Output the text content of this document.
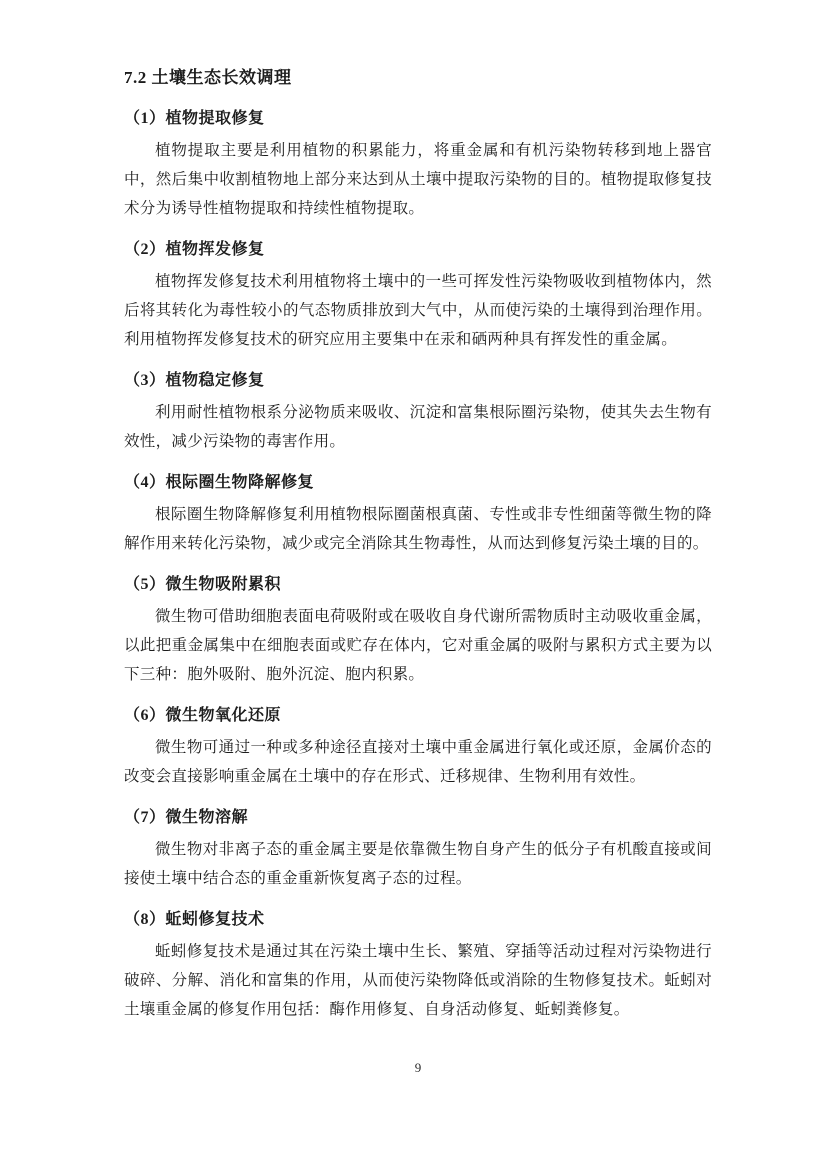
7.2 土壤生态长效调理
（1）植物提取修复

植物提取主要是利用植物的积累能力，将重金属和有机污染物转移到地上器官中，然后集中收割植物地上部分来达到从土壤中提取污染物的目的。植物提取修复技术分为诱导性植物提取和持续性植物提取。

（2）植物挥发修复

植物挥发修复技术利用植物将土壤中的一些可挥发性污染物吸收到植物体内，然后将其转化为毒性较小的气态物质排放到大气中，从而使污染的土壤得到治理作用。利用植物挥发修复技术的研究应用主要集中在汞和硒两种具有挥发性的重金属。

（3）植物稳定修复

利用耐性植物根系分泌物质来吸收、沉淀和富集根际圈污染物，使其失去生物有效性，减少污染物的毒害作用。

（4）根际圈生物降解修复

根际圈生物降解修复利用植物根际圈菌根真菌、专性或非专性细菌等微生物的降解作用来转化污染物，减少或完全消除其生物毒性，从而达到修复污染土壤的目的。

（5）微生物吸附累积

微生物可借助细胞表面电荷吸附或在吸收自身代谢所需物质时主动吸收重金属，以此把重金属集中在细胞表面或贮存在体内，它对重金属的吸附与累积方式主要为以下三种：胞外吸附、胞外沉淀、胞内积累。

（6）微生物氧化还原

微生物可通过一种或多种途径直接对土壤中重金属进行氧化或还原，金属价态的改变会直接影响重金属在土壤中的存在形式、迁移规律、生物利用有效性。

（7）微生物溶解

微生物对非离子态的重金属主要是依靠微生物自身产生的低分子有机酸直接或间接使土壤中结合态的重金重新恢复离子态的过程。

（8）蚯蚓修复技术

蚯蚓修复技术是通过其在污染土壤中生长、繁殖、穿插等活动过程对污染物进行破碎、分解、消化和富集的作用，从而使污染物降低或消除的生物修复技术。蚯蚓对土壤重金属的修复作用包括：酶作用修复、自身活动修复、蚯蚓粪修复。

9
